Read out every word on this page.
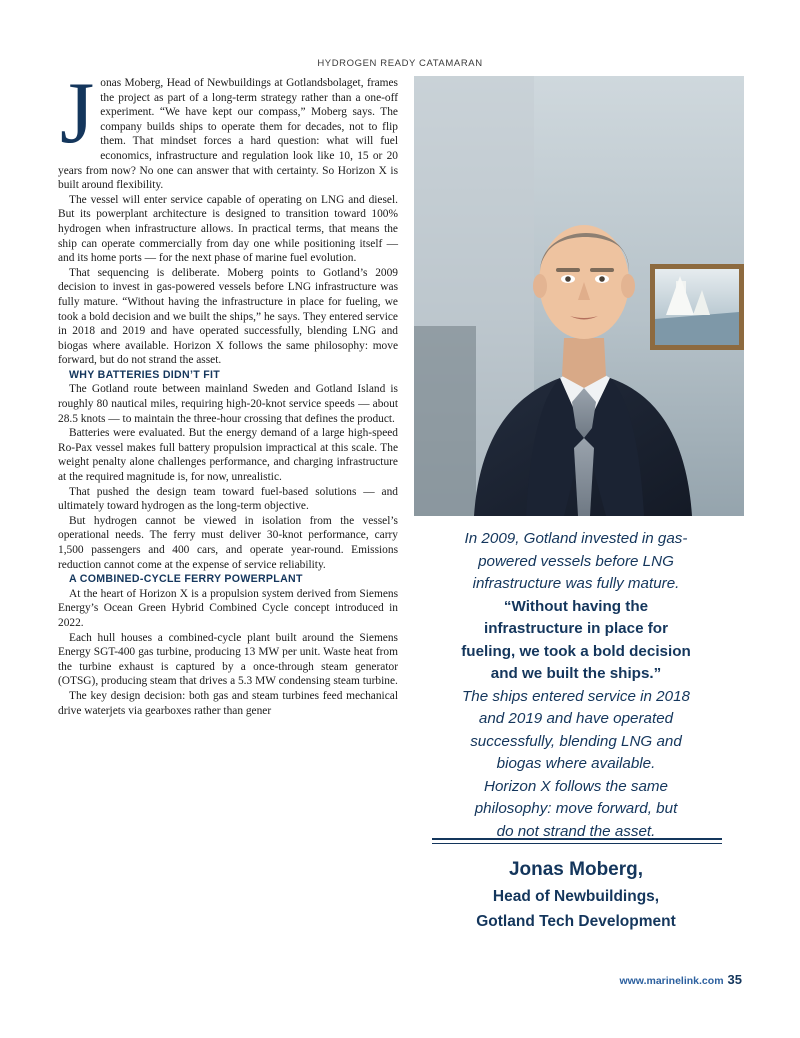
HYDROGEN READY CATAMARAN
J onas Moberg, Head of Newbuildings at Gotlandsbolaget, frames the project as part of a long-term strategy rather than a one-off experiment. “We have kept our compass,” Moberg says. The company builds ships to operate them for decades, not to flip them. That mindset forces a hard question: what will fuel economics, infrastructure and regulation look like 10, 15 or 20 years from now? No one can answer that with certainty. So Horizon X is built around flexibility.

The vessel will enter service capable of operating on LNG and diesel. But its powerplant architecture is designed to transition toward 100% hydrogen when infrastructure allows. In practical terms, that means the ship can operate commercially from day one while positioning itself — and its home ports — for the next phase of marine fuel evolution.

That sequencing is deliberate. Moberg points to Gotland’s 2009 decision to invest in gas-powered vessels before LNG infrastructure was fully mature. “Without having the infrastructure in place for fueling, we took a bold decision and we built the ships,” he says. They entered service in 2018 and 2019 and have operated successfully, blending LNG and biogas where available. Horizon X follows the same philosophy: move forward, but do not strand the asset.

WHY BATTERIES DIDN’T FIT

The Gotland route between mainland Sweden and Gotland Island is roughly 80 nautical miles, requiring high-20-knot service speeds — about 28.5 knots — to maintain the three-hour crossing that defines the product.

Batteries were evaluated. But the energy demand of a large high-speed Ro-Pax vessel makes full battery propulsion impractical at this scale. The weight penalty alone challenges performance, and charging infrastructure at the required magnitude is, for now, unrealistic.

That pushed the design team toward fuel-based solutions — and ultimately toward hydrogen as the long-term objective.

But hydrogen cannot be viewed in isolation from the vessel’s operational needs. The ferry must deliver 30-knot performance, carry 1,500 passengers and 400 cars, and operate year-round. Emissions reduction cannot come at the expense of service reliability.

A COMBINED-CYCLE FERRY POWERPLANT

At the heart of Horizon X is a propulsion system derived from Siemens Energy’s Ocean Green Hybrid Combined Cycle concept introduced in 2022.

Each hull houses a combined-cycle plant built around the Siemens Energy SGT-400 gas turbine, producing 13 MW per unit. Waste heat from the turbine exhaust is captured by a once-through steam generator (OTSG), producing steam that drives a 5.3 MW condensing steam turbine.

The key design decision: both gas and steam turbines feed mechanical drive waterjets via gearboxes rather than gener

In 2009, Gotland invested in gas-
powered vessels before LNG
infrastructure was fully mature.
“Without having the
infrastructure in place for
fueling, we took a bold decision
and we built the ships.”
The ships entered service in 2018
and 2019 and have operated
successfully, blending LNG and
biogas where available.
Horizon X follows the same
philosophy: move forward, but
do not strand the asset.
Jonas Moberg,
Head of Newbuildings,
Gotland Tech Development
www.marinelink.com 35
